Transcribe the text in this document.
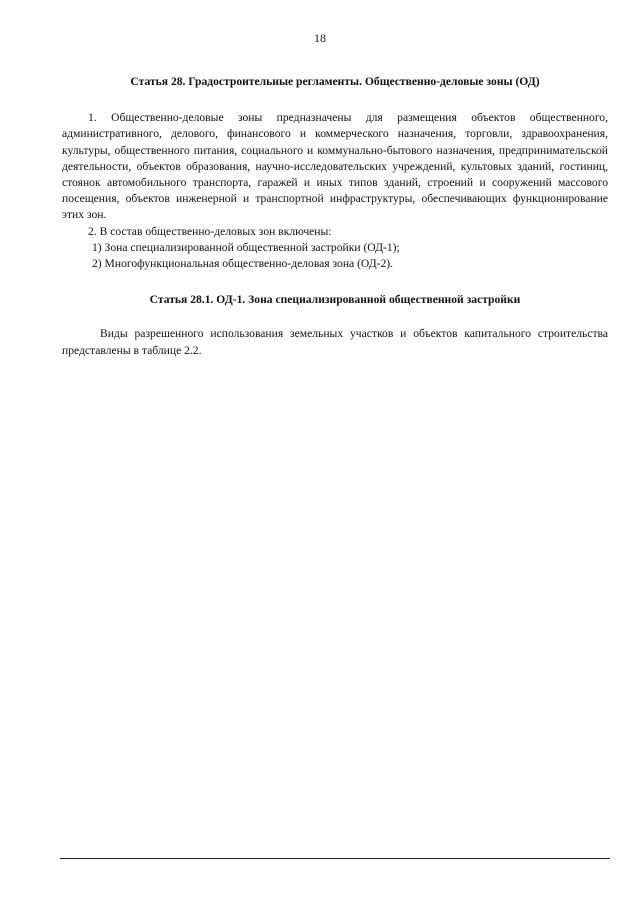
18
Статья 28. Градостроительные регламенты. Общественно-деловые зоны (ОД)

1. Общественно-деловые зоны предназначены для размещения объектов общественного, административного, делового, финансового и коммерческого назначения, торговли, здравоохранения, культуры, общественного питания, социального и коммунально-бытового назначения, предпринимательской деятельности, объектов образования, научно-исследовательских учреждений, культовых зданий, гостиниц, стоянок автомобильного транспорта, гаражей и иных типов зданий, строений и сооружений массового посещения, объектов инженерной и транспортной инфраструктуры, обеспечивающих функционирование этих зон.

2. В состав общественно-деловых зон включены:

1) Зона специализированной общественной застройки (ОД-1);
2) Многофункциональная общественно-деловая зона (ОД-2).
Статья 28.1. ОД-1. Зона специализированной общественной застройки

Виды разрешенного использования земельных участков и объектов капитального строительства представлены в таблице 2.2.
